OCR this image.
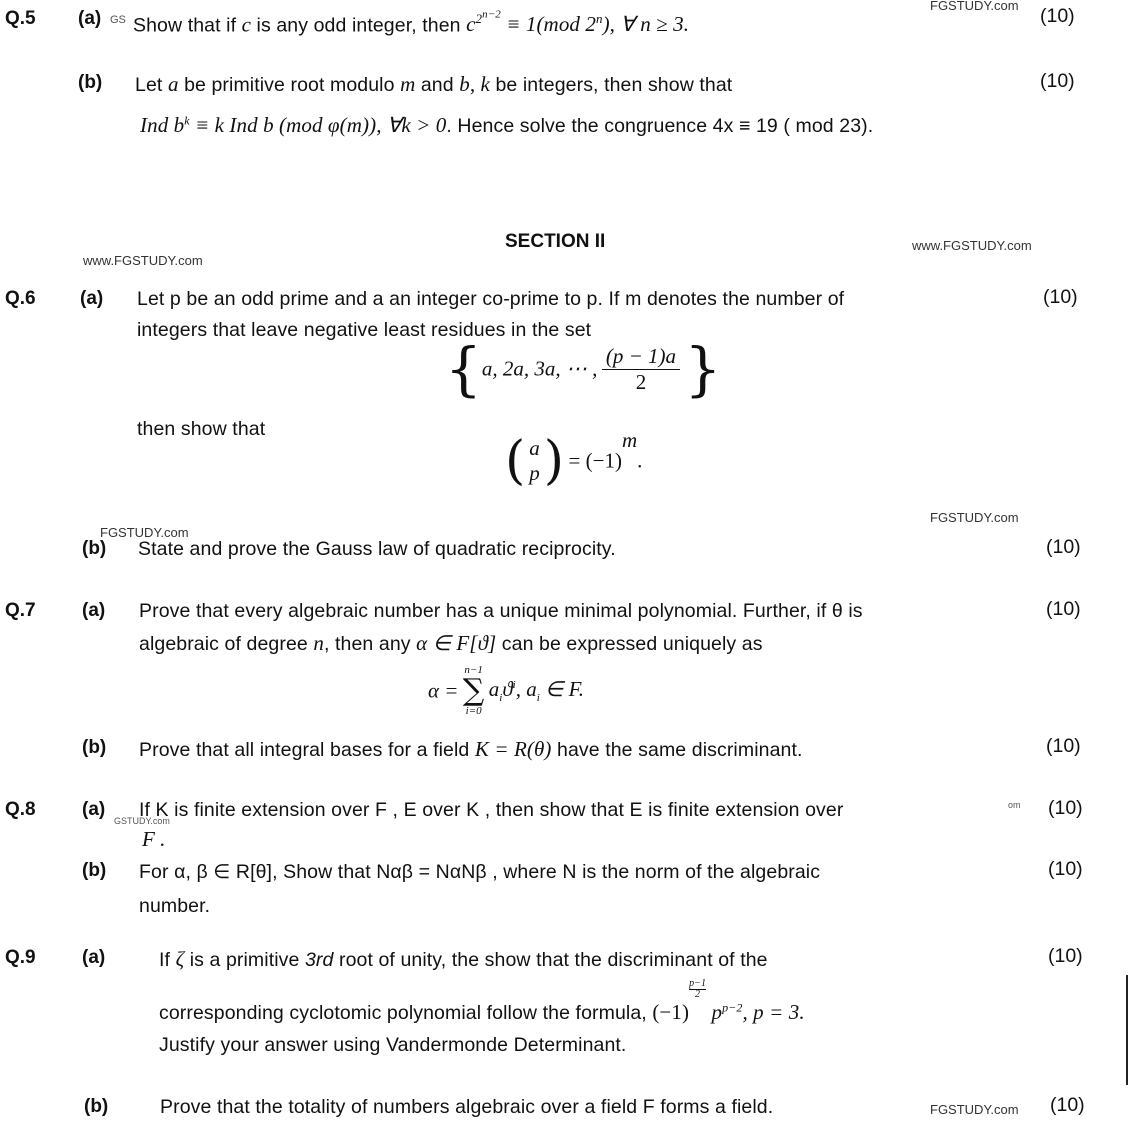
Q.5 (a) GS Show that if c is any odd integer, then $c^{2^{n-2}} \equiv 1(mod$ 2$^n$), ∀ n ≥ 3.
FGSTUDY.com (10)
(b) Let a be primitive root modulo m and b, k be integers, then show that	(10)
Ind $b^k \equiv k$ Ind b (mod φ(m)), ∀k > 0. Hence solve the congruence 4x ≡ 19 ( mod 23).
SECTION II	www.FGSTUDY.com
www.FGSTUDY.com
Q.6 (a) Let p be an odd prime and a an integer co-prime to p. If m denotes the number of	(10)
integers that leave negative least residues in the set
{a, 2a, 3a, ⋯ , $\frac{(p - 1)a}{2}$ }
then show that
( a
p ) = $(-1)^m$.
FGSTUDY.com
FGSTUDY.com
(b) State and prove the Gauss law of quadratic reciprocity.	(10)
Q.7 (a) Prove that every algebraic number has a unique minimal polynomial. Further, if θ is	(10)
algebraic of degree n, then any α ∈ F[ϑ] can be expressed uniquely as
α =
n−1
∑
i=0
$a_iϑ^i$, $a_i$ ∈ F.
(b) Prove that all integral bases for a field K = R(θ) have the same discriminant.	(10)
Q.8 (a) If K is finite extension over F , E over K , then show that E is finite extension over
GSTUDY.com
om (10)
F .
(b) For α, β ∈ R[θ], Show that Nαβ = NαNβ , where N is the norm of the algebraic	(10)
number.
Q.9 (a)	If ζ is a primitive 3rd root of unity, the show that the discriminant of the	(10)
corresponding cyclotomic polynomial follow the formula, (−1)
$\frac{p-1}{2}$
$p^{p-2}$, p = 3.
Justify your answer using Vandermonde Determinant.
(b)	Prove that the totality of numbers algebraic over a field F forms a field.	FGSTUDY.com (10)
